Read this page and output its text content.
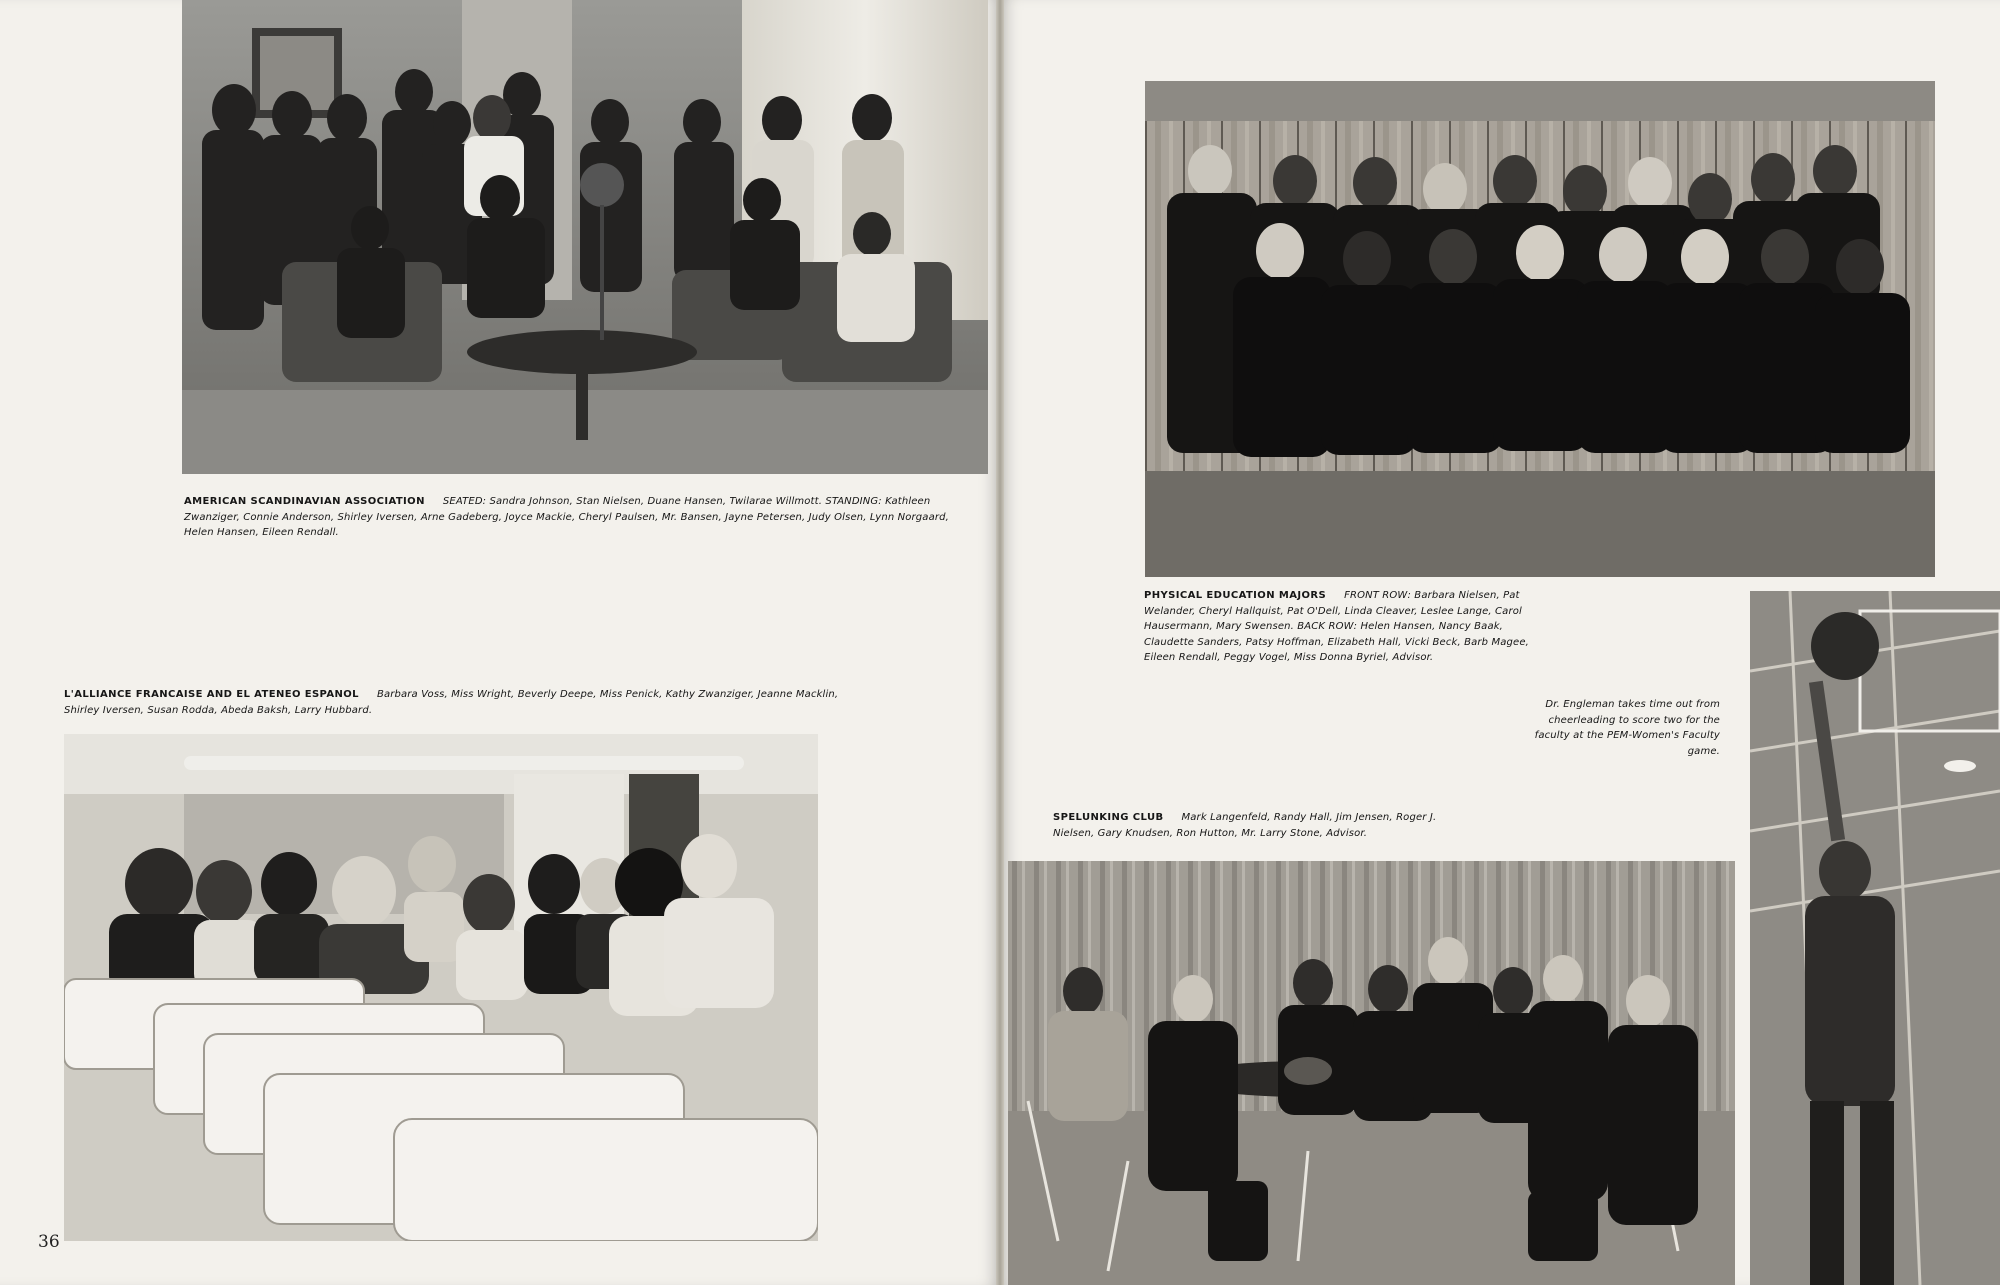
AMERICAN SCANDINAVIAN ASSOCIATION SEATED: Sandra Johnson, Stan Nielsen, Duane Hansen, Twilarae Willmott. STANDING: Kathleen Zwanziger, Connie Anderson, Shirley Iversen, Arne Gadeberg, Joyce Mackie, Cheryl Paulsen, Mr. Bansen, Jayne Petersen, Judy Olsen, Lynn Norgaard, Helen Hansen, Eileen Rendall.
L'ALLIANCE FRANCAISE AND EL ATENEO ESPANOL Barbara Voss, Miss Wright, Beverly Deepe, Miss Penick, Kathy Zwanziger, Jeanne Macklin, Shirley Iversen, Susan Rodda, Abeda Baksh, Larry Hubbard.
36
PHYSICAL EDUCATION MAJORS FRONT ROW: Barbara Nielsen, Pat Welander, Cheryl Hallquist, Pat O'Dell, Linda Cleaver, Leslee Lange, Carol Hausermann, Mary Swensen. BACK ROW: Helen Hansen, Nancy Baak, Claudette Sanders, Patsy Hoffman, Elizabeth Hall, Vicki Beck, Barb Magee, Eileen Rendall, Peggy Vogel, Miss Donna Byriel, Advisor.
Dr. Engleman takes time out from cheerleading to score two for the faculty at the PEM-Women's Faculty game.
SPELUNKING CLUB Mark Langenfeld, Randy Hall, Jim Jensen, Roger J. Nielsen, Gary Knudsen, Ron Hutton, Mr. Larry Stone, Advisor.
